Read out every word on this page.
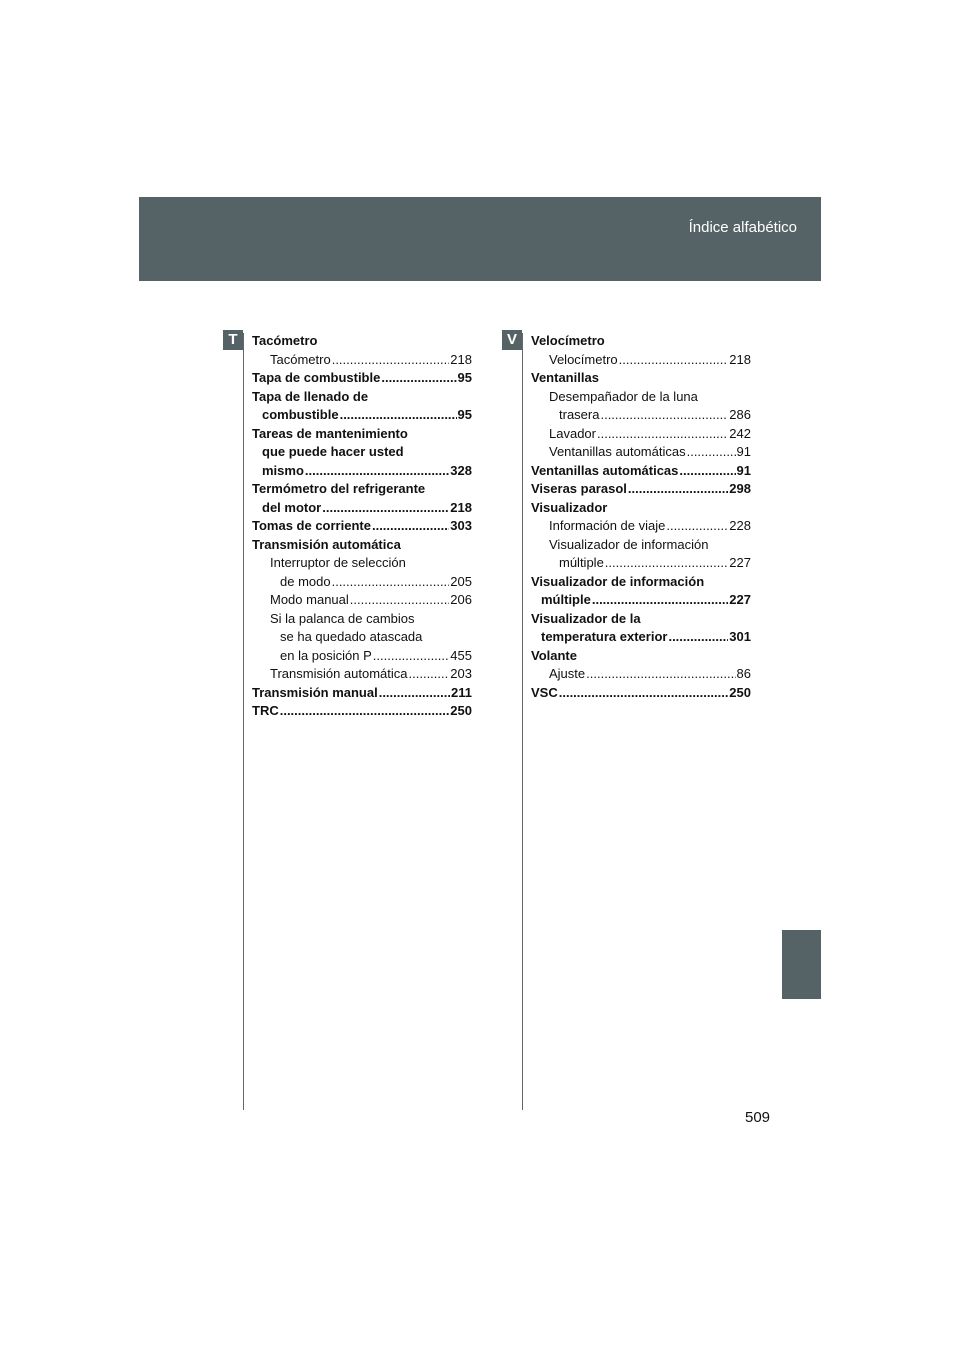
Índice alfabético
T	V
Tacómetro
Tacómetro .....	218
Tapa de combustible .....	95
Tapa de llenado de
combustible .....	95
Tareas de mantenimiento
que puede hacer usted
mismo .....	328
Termómetro del refrigerante
del motor .....	218
Tomas de corriente .....	303
Transmisión automática
Interruptor de selección
de modo .....	205
Modo manual .....	206
Si la palanca de cambios
se ha quedado atascada
en la posición P .....	455
Transmisión automática .....	203
Transmisión manual .....	211
TRC .....	250
Velocímetro
Velocímetro .....	218
Ventanillas
Desempañador de la luna
trasera .....	286
Lavador .....	242
Ventanillas automáticas .....	91
Ventanillas automáticas .....	91
Viseras parasol .....	298
Visualizador
Información de viaje .....	228
Visualizador de información
múltiple .....	227
Visualizador de información
múltiple .....	227
Visualizador de la
temperatura exterior .....	301
Volante
Ajuste .....	86
VSC .....	250
509
